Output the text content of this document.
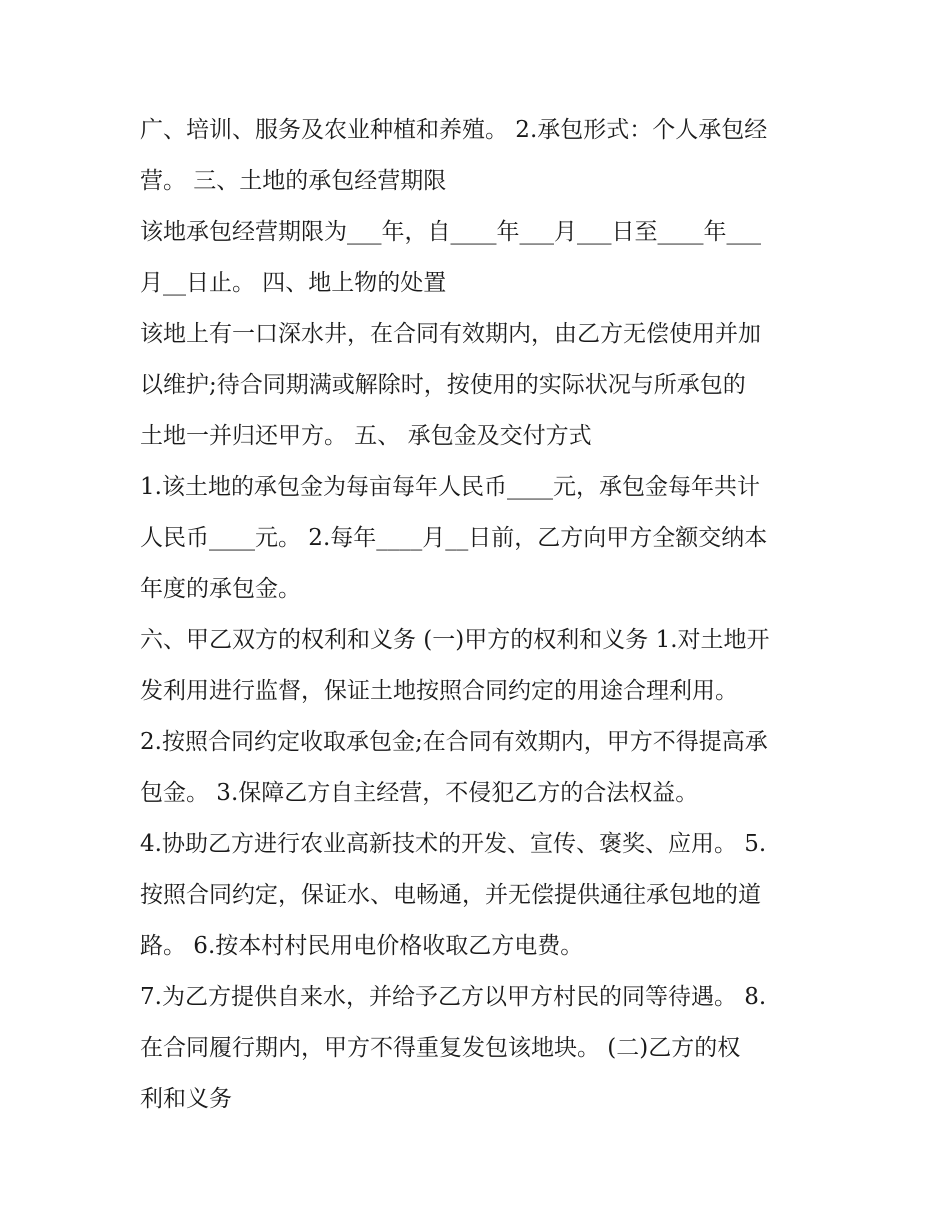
广、培训、服务及农业种植和养殖。 2.承包形式：个人承包经
营。 三、土地的承包经营期限
该地承包经营期限为___年，自____年___月___日至____年___
月__日止。 四、地上物的处置
该地上有一口深水井，在合同有效期内，由乙方无偿使用并加
以维护;待合同期满或解除时，按使用的实际状况与所承包的
土地一并归还甲方。 五、 承包金及交付方式
1.该土地的承包金为每亩每年人民币____元，承包金每年共计
人民币____元。 2.每年____月__日前，乙方向甲方全额交纳本
年度的承包金。
六、甲乙双方的权利和义务 (一)甲方的权利和义务 1.对土地开
发利用进行监督，保证土地按照合同约定的用途合理利用。
2.按照合同约定收取承包金;在合同有效期内，甲方不得提高承
包金。 3.保障乙方自主经营，不侵犯乙方的合法权益。
4.协助乙方进行农业高新技术的开发、宣传、褒奖、应用。 5.
按照合同约定，保证水、电畅通，并无偿提供通往承包地的道
路。 6.按本村村民用电价格收取乙方电费。
7.为乙方提供自来水，并给予乙方以甲方村民的同等待遇。 8.
在合同履行期内，甲方不得重复发包该地块。 (二)乙方的权
利和义务
